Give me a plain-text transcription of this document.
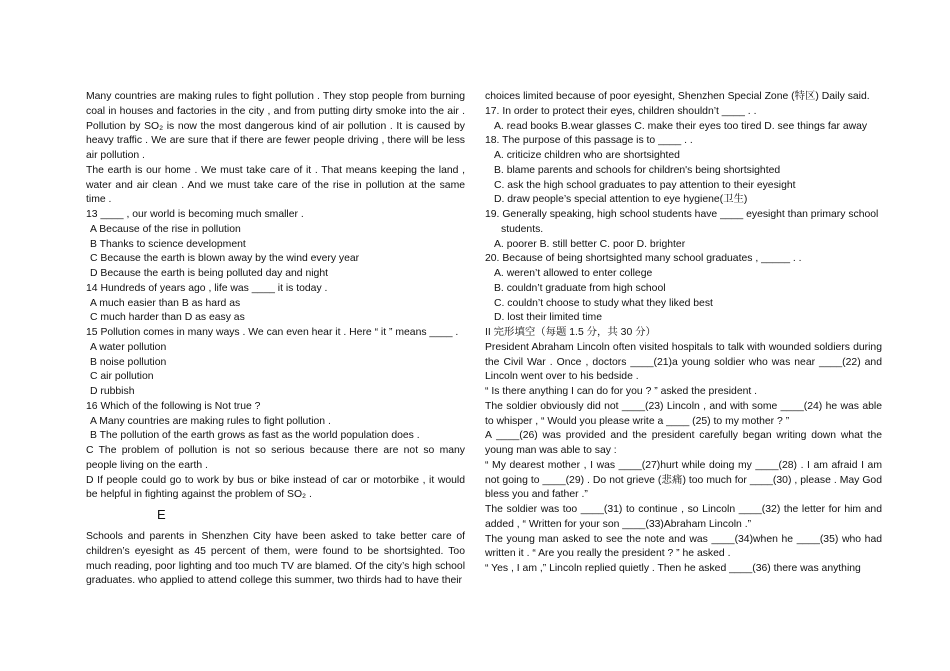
Many countries are making rules to fight pollution . They stop people from burning coal in houses and factories in the city , and from putting dirty smoke into the air . Pollution by SO₂ is now the most dangerous kind of air pollution . It is caused by heavy traffic . We are sure that if there are fewer people driving , there will be less air pollution .

The earth is our home . We must take care of it . That means keeping the land , water and air clean . And we must take care of the rise in pollution at the same time .

13 ____ , our world is becoming much smaller .

A Because of the rise in pollution

B Thanks to science development

C Because the earth is blown away by the wind every year

D Because the earth is being polluted day and night

14 Hundreds of years ago , life was ____ it is today .

A much easier than B as hard as

C much harder than D as easy as

15 Pollution comes in many ways . We can even hear it . Here “ it ” means ____ .

A water pollution

B noise pollution

C air pollution

D rubbish

16 Which of the following is Not true ?

A Many countries are making rules to fight pollution .

B The pollution of the earth grows as fast as the world population does .

C The problem of pollution is not so serious because there are not so many people living on the earth .

D If people could go to work by bus or bike instead of car or motorbike , it would be helpful in fighting against the problem of SO₂ .

E

Schools and parents in Shenzhen City have been asked to take better care of children’s eyesight as 45 percent of them, were found to be shortsighted. Too much reading, poor lighting and too much TV are blamed. Of the city’s high school graduates. who applied to attend college this summer, two thirds had to have their

choices limited because of poor eyesight, Shenzhen Special Zone (特区) Daily said.

17. In order to protect their eyes, children shouldn’t ____ . .

A. read books B.wear glasses C. make their eyes too tired D. see things far away

18. The purpose of this passage is to ____ . .

A. criticize children who are shortsighted

B. blame parents and schools for children's being shortsighted

C. ask the high school graduates to pay attention to their eyesight

D. draw people’s special attention to eye hygiene(卫生)

19. Generally speaking, high school students have ____ eyesight than primary school

students.

A. poorer B. still better C. poor D. brighter

20. Because of being shortsighted many school graduates , _____ . .

A. weren’t allowed to enter college

B. couldn’t graduate from high school

C. couldn’t choose to study what they liked best

D. lost their limited time

II 完形填空（每题 1.5 分，共 30 分）

President Abraham Lincoln often visited hospitals to talk with wounded soldiers during the Civil War . Once , doctors ____(21)a young soldier who was near ____(22) and Lincoln went over to his bedside .

“ Is there anything I can do for you ? ” asked the president .

The soldier obviously did not ____(23) Lincoln , and with some ____(24) he was able to whisper , “ Would you please write a ____ (25) to my mother ? ”

A ____(26) was provided and the president carefully began writing down what the young man was able to say :

“ My dearest mother , I was ____(27)hurt while doing my ____(28) . I am afraid I am not going to ____(29) . Do not grieve (悲痛) too much for ____(30) , please . May God bless you and father .”

The soldier was too ____(31) to continue , so Lincoln ____(32) the letter for him and added , “ Written for your son ____(33)Abraham Lincoln .”

The young man asked to see the note and was ____(34)when he ____(35) who had written it . “ Are you really the president ? ” he asked .

“ Yes , I am ,” Lincoln replied quietly . Then he asked ____(36) there was anything
